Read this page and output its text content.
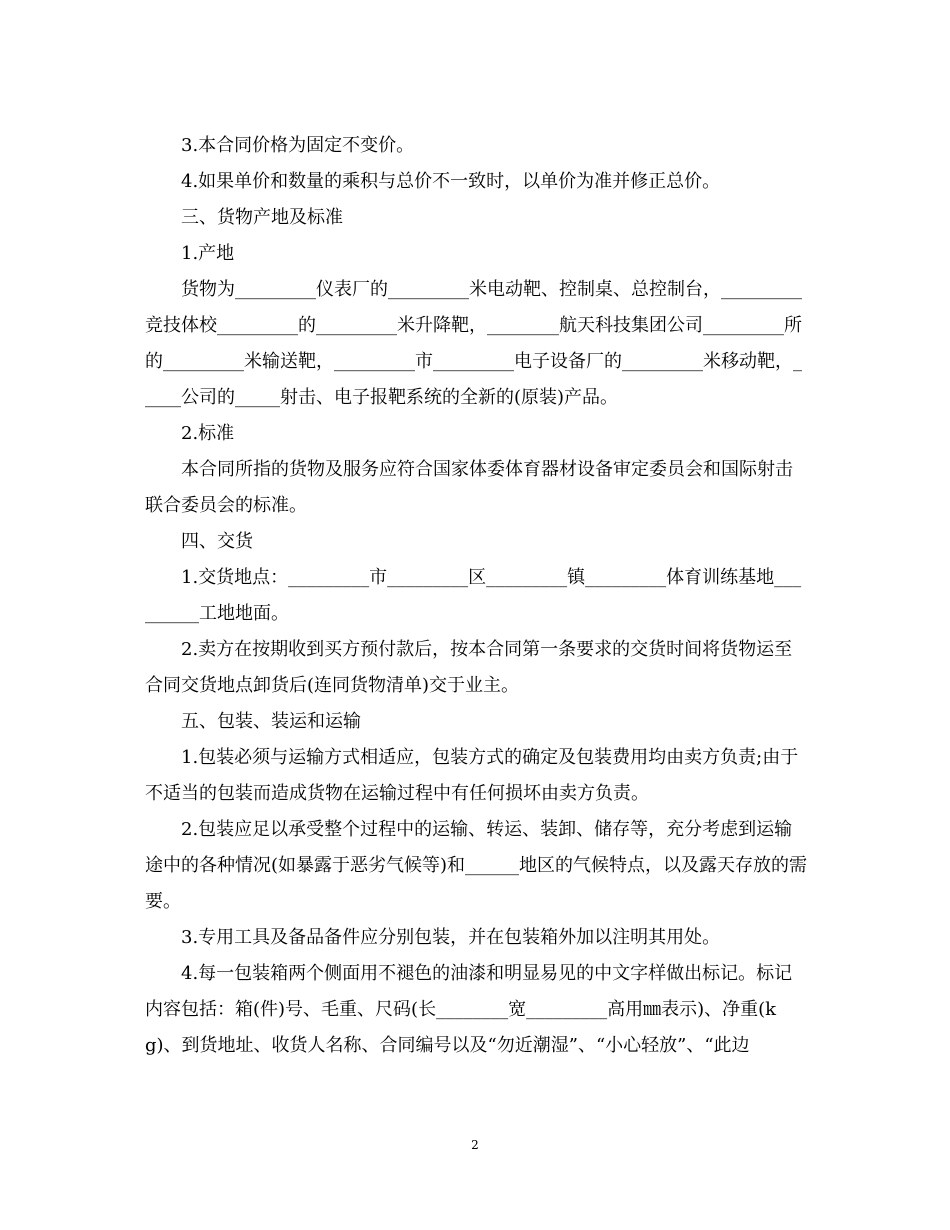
3.本合同价格为固定不变价。

4.如果单价和数量的乘积与总价不一致时，以单价为准并修正总价。

三、货物产地及标准

1.产地

货物为_________仪表厂的_________米电动靶、控制桌、总控制台，_________竞技体校_________的_________米升降靶，________航天科技集团公司_________所的_________米输送靶，_________市_________电子设备厂的_________米移动靶，_____公司的_____射击、电子报靶系统的全新的(原装)产品。

2.标准

本合同所指的货物及服务应符合国家体委体育器材设备审定委员会和国际射击联合委员会的标准。

四、交货

1.交货地点：_________市_________区_________镇_________体育训练基地_________工地地面。

2.卖方在按期收到买方预付款后，按本合同第一条要求的交货时间将货物运至合同交货地点卸货后(连同货物清单)交于业主。

五、包装、装运和运输

1.包装必须与运输方式相适应，包装方式的确定及包装费用均由卖方负责;由于不适当的包装而造成货物在运输过程中有任何损坏由卖方负责。

2.包装应足以承受整个过程中的运输、转运、装卸、储存等，充分考虑到运输途中的各种情况(如暴露于恶劣气候等)和______地区的气候特点，以及露天存放的需要。

3.专用工具及备品备件应分别包装，并在包装箱外加以注明其用处。

4.每一包装箱两个侧面用不褪色的油漆和明显易见的中文字样做出标记。标记内容包括：箱(件)号、毛重、尺码(长________宽_________高用㎜表示)、净重(kg)、到货地址、收货人名称、合同编号以及“勿近潮湿”、“小心轻放”、“此边

2
